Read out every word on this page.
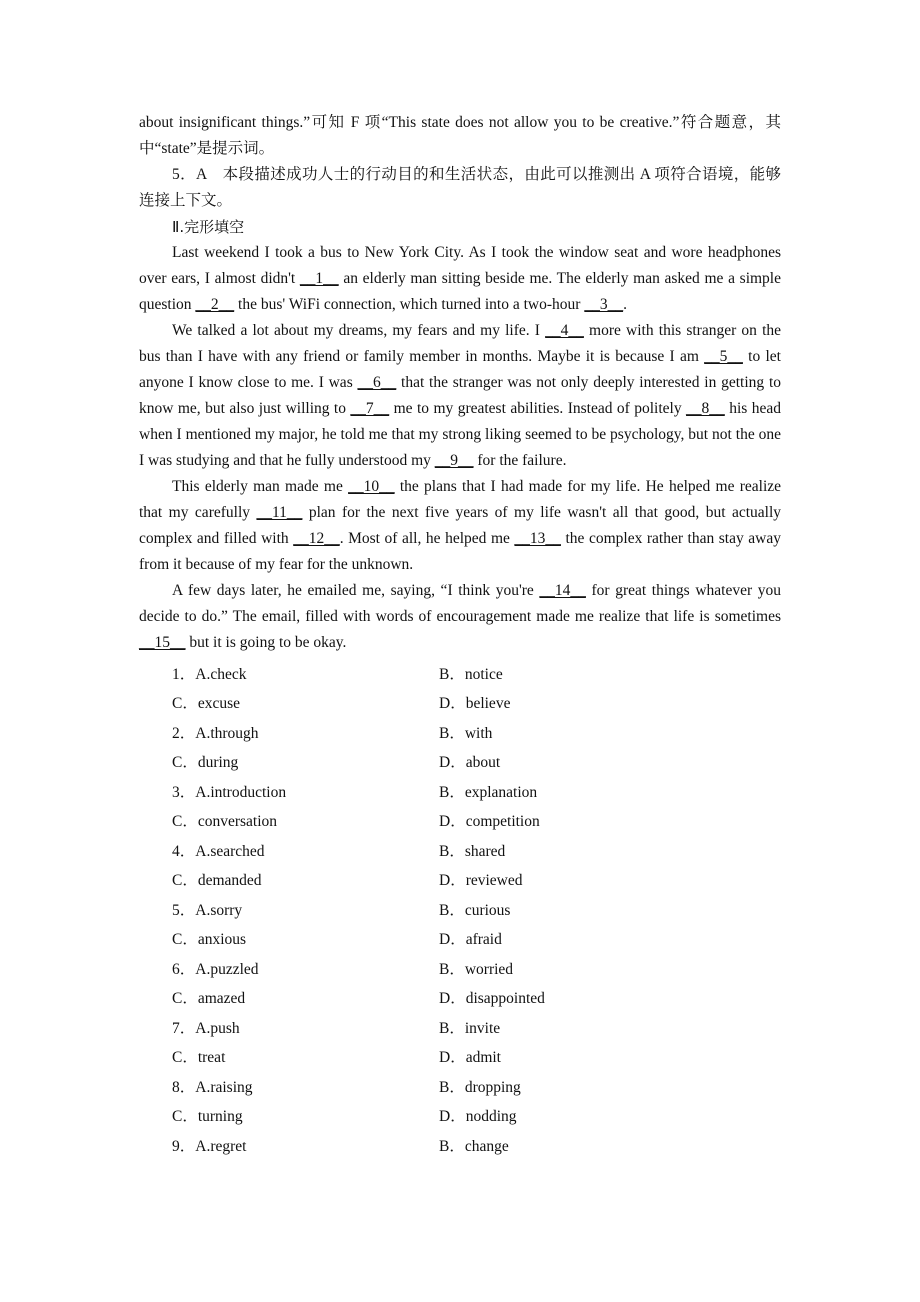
about insignificant things.”可知 F 项“This state does not allow you to be creative.”符合题意，其中“state”是提示词。
5．A　本段描述成功人士的行动目的和生活状态，由此可以推测出 A 项符合语境，能够连接上下文。
Ⅱ.完形填空

Last weekend I took a bus to New York City. As I took the window seat and wore headphones over ears, I almost didn't __1__ an elderly man sitting beside me. The elderly man asked me a simple question __2__ the bus' WiFi connection, which turned into a two-hour __3__.

We talked a lot about my dreams, my fears and my life. I __4__ more with this stranger on the bus than I have with any friend or family member in months. Maybe it is because I am __5__ to let anyone I know close to me. I was __6__ that the stranger was not only deeply interested in getting to know me, but also just willing to __7__ me to my greatest abilities. Instead of politely __8__ his head when I mentioned my major, he told me that my strong liking seemed to be psychology, but not the one I was studying and that he fully understood my __9__ for the failure.

This elderly man made me __10__ the plans that I had made for my life. He helped me realize that my carefully __11__ plan for the next five years of my life wasn't all that good, but actually complex and filled with __12__. Most of all, he helped me __13__ the complex rather than stay away from it because of my fear for the unknown.

A few days later, he emailed me, saying, “I think you're __14__ for great things whatever you decide to do.” The email, filled with words of encouragement made me realize that life is sometimes __15__ but it is going to be okay.

1．A.check	B．notice
C．excuse	D．believe
2．A.through	B．with
C．during	D．about
3．A.introduction	B．explanation
C．conversation	D．competition
4．A.searched	B．shared
C．demanded	D．reviewed
5．A.sorry	B．curious
C．anxious	D．afraid
6．A.puzzled	B．worried
C．amazed	D．disappointed
7．A.push	B．invite
C．treat	D．admit
8．A.raising	B．dropping
C．turning	D．nodding
9．A.regret	B．change
